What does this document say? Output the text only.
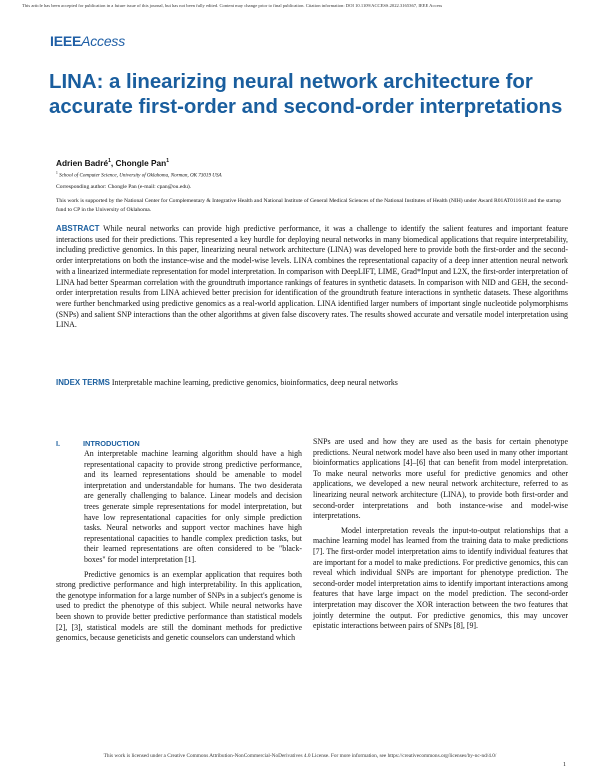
This article has been accepted for publication in a future issue of this journal, but has not been fully edited. Content may change prior to final publication. Citation information: DOI 10.1109/ACCESS.2022.3165367, IEEE Access
IEEEAccess
LINA: a linearizing neural network architecture for accurate first-order and second-order interpretations
Adrien Badré$^1$, Chongle Pan$^1$
$^1$ School of Computer Science, University of Oklahoma, Norman, OK 73019 USA
Corresponding author: Chongle Pan (e-mail: cpan@ou.edu).
This work is supported by the National Center for Complementary & Integrative Health and National Institute of General Medical Sciences of the National Institutes of Health (NIH) under Award R01AT011618 and the startup fund to CP in the University of Oklahoma.

ABSTRACT While neural networks can provide high predictive performance, it was a challenge to identify the salient features and important feature interactions used for their predictions. This represented a key hurdle for deploying neural networks in many biomedical applications that require interpretability, including predictive genomics. In this paper, linearizing neural network architecture (LINA) was developed here to provide both the first-order and the second-order interpretations on both the instance-wise and the model-wise levels. LINA combines the representational capacity of a deep inner attention neural network with a linearized intermediate representation for model interpretation. In comparison with DeepLIFT, LIME, Grad*Input and L2X, the first-order interpretation of LINA had better Spearman correlation with the groundtruth importance rankings of features in synthetic datasets. In comparison with NID and GEH, the second-order interpretation results from LINA achieved better precision for identification of the groundtruth feature interactions in synthetic datasets. These algorithms were further benchmarked using predictive genomics as a real-world application. LINA identified larger numbers of important single nucleotide polymorphisms (SNPs) and salient SNP interactions than the other algorithms at given false discovery rates. The results showed accurate and versatile model interpretation using LINA.

INDEX TERMS Interpretable machine learning, predictive genomics, bioinformatics, deep neural networks
I.	INTRODUCTION

An interpretable machine learning algorithm should have a high representational capacity to provide strong predictive performance, and its learned representations should be amenable to model interpretation and understandable for humans. The two desiderata are generally challenging to balance. Linear models and decision trees generate simple representations for model interpretation, but have low representational capacities for only simple prediction tasks. Neural networks and support vector machines have high representational capacities to handle complex prediction tasks, but their learned representations are often considered to be "black-boxes" for model interpretation [1].

Predictive genomics is an exemplar application that requires both strong predictive performance and high interpretability. In this application, the genotype information for a large number of SNPs in a subject's genome is used to predict the phenotype of this subject. While neural networks have been shown to provide better predictive performance than statistical models [2], [3], statistical models are still the dominant methods for predictive genomics, because geneticists and genetic counselors can understand which

SNPs are used and how they are used as the basis for certain phenotype predictions. Neural network model have also been used in many other important bioinformatics applications [4]–[6] that can benefit from model interpretation. To make neural networks more useful for predictive genomics and other applications, we developed a new neural network architecture, referred to as linearizing neural network architecture (LINA), to provide both first-order and second-order interpretations and both instance-wise and model-wise interpretations.

Model interpretation reveals the input-to-output relationships that a machine learning model has learned from the training data to make predictions [7]. The first-order model interpretation aims to identify individual features that are important for a model to make predictions. For predictive genomics, this can reveal which individual SNPs are important for phenotype prediction. The second-order model interpretation aims to identify important interactions among features that have large impact on the model prediction. The second-order interpretation may discover the XOR interaction between the two features that jointly determine the output. For predictive genomics, this may uncover epistatic interactions between pairs of SNPs [8], [9].

This work is licensed under a Creative Commons Attribution-NonCommercial-NoDerivatives 4.0 License. For more information, see https://creativecommons.org/licenses/by-nc-nd/4.0/
1
